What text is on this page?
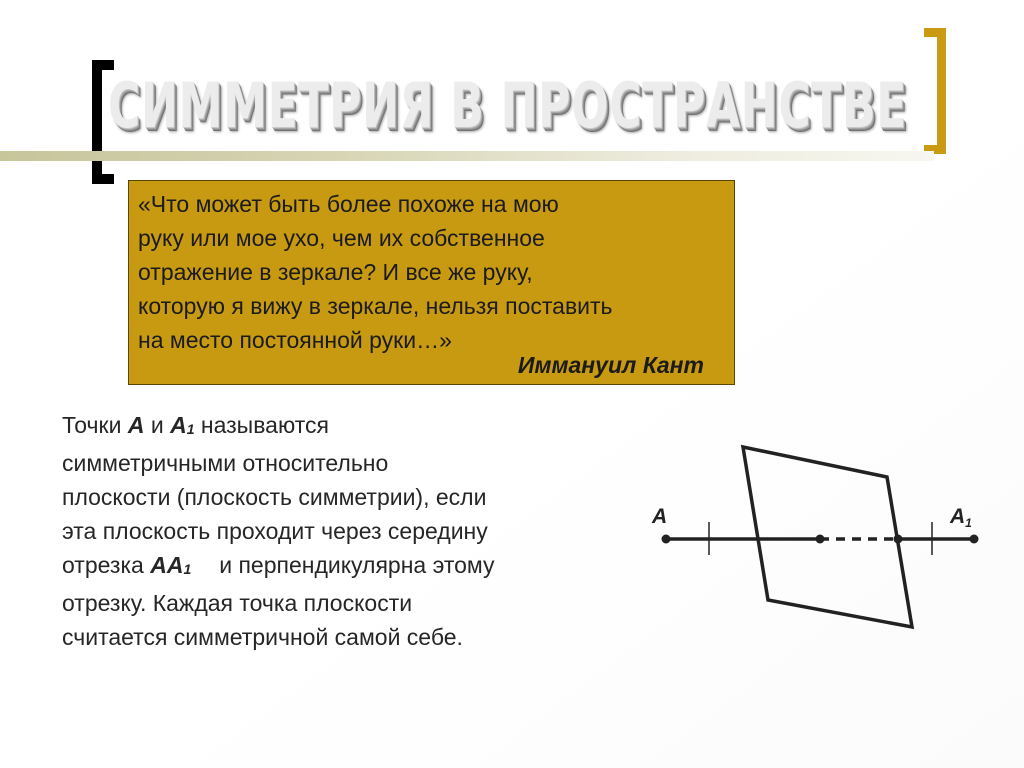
СИММЕТРИЯ В ПРОСТРАНСТВЕ

«Что может быть более похоже на мою
руку или мое ухо, чем их собственное
отражение в зеркале? И все же руку,
которую я вижу в зеркале, нельзя поставить
на место постоянной руки…»

Иммануил Кант

Точки А и $А_1$ называются
симметричными относительно
плоскости (плоскость симметрии), если
эта плоскость проходит через середину
отрезка $АА_1$ и перпендикулярна этому
отрезку. Каждая точка плоскости
считается симметричной самой себе.

А	А1
